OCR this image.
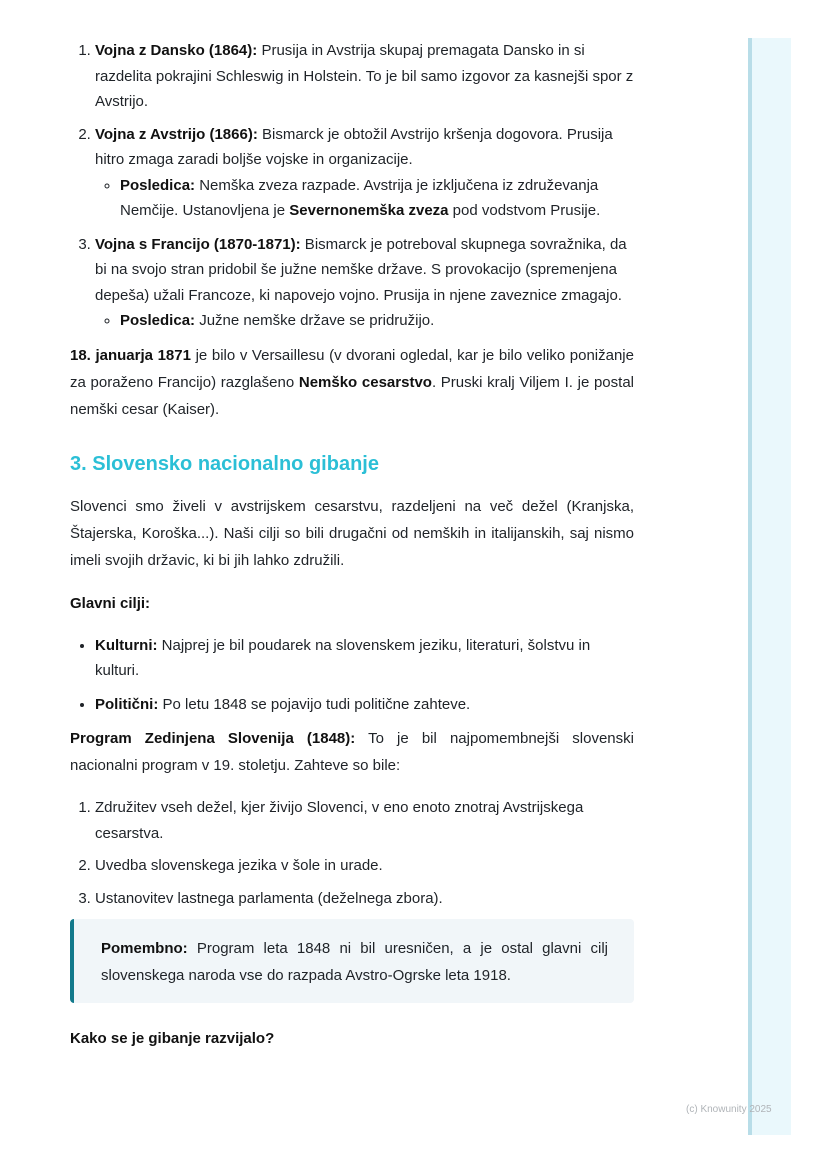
1. Vojna z Dansko (1864): Prusija in Avstrija skupaj premagata Dansko in si razdelita pokrajini Schleswig in Holstein. To je bil samo izgovor za kasnejši spor z Avstrijo.
2. Vojna z Avstrijo (1866): Bismarck je obtožil Avstrijo kršenja dogovora. Prusija hitro zmaga zaradi boljše vojske in organizacije.
◦ Posledica: Nemška zveza razpade. Avstrija je izključena iz združevanja Nemčije. Ustanovljena je Severnonemška zveza pod vodstvom Prusije.
3. Vojna s Francijo (1870-1871): Bismarck je potreboval skupnega sovražnika, da bi na svojo stran pridobil še južne nemške države. S provokacijo (spremenjena depeša) užali Francoze, ki napovejo vojno. Prusija in njene zaveznice zmagajo.
◦ Posledica: Južne nemške države se pridružijo.

18. januarja 1871 je bilo v Versaillesu (v dvorani ogledal, kar je bilo veliko ponižanje za poraženo Francijo) razglašeno Nemško cesarstvo. Pruski kralj Viljem I. je postal nemški cesar (Kaiser).

3. Slovensko nacionalno gibanje

Slovenci smo živeli v avstrijskem cesarstvu, razdeljeni na več dežel (Kranjska, Štajerska, Koroška...). Naši cilji so bili drugačni od nemških in italijanskih, saj nismo imeli svojih državic, ki bi jih lahko združili.

Glavni cilji:

• Kulturni: Najprej je bil poudarek na slovenskem jeziku, literaturi, šolstvu in kulturi.
• Politični: Po letu 1848 se pojavijo tudi politične zahteve.

Program Zedinjena Slovenija (1848): To je bil najpomembnejši slovenski nacionalni program v 19. stoletju. Zahteve so bile:

1. Združitev vseh dežel, kjer živijo Slovenci, v eno enoto znotraj Avstrijskega cesarstva.
2. Uvedba slovenskega jezika v šole in urade.
3. Ustanovitev lastnega parlamenta (deželnega zbora).

Pomembno: Program leta 1848 ni bil uresničen, a je ostal glavni cilj slovenskega naroda vse do razpada Avstro-Ogrske leta 1918.

Kako se je gibanje razvijalo?

(c) Knowunity 2025
